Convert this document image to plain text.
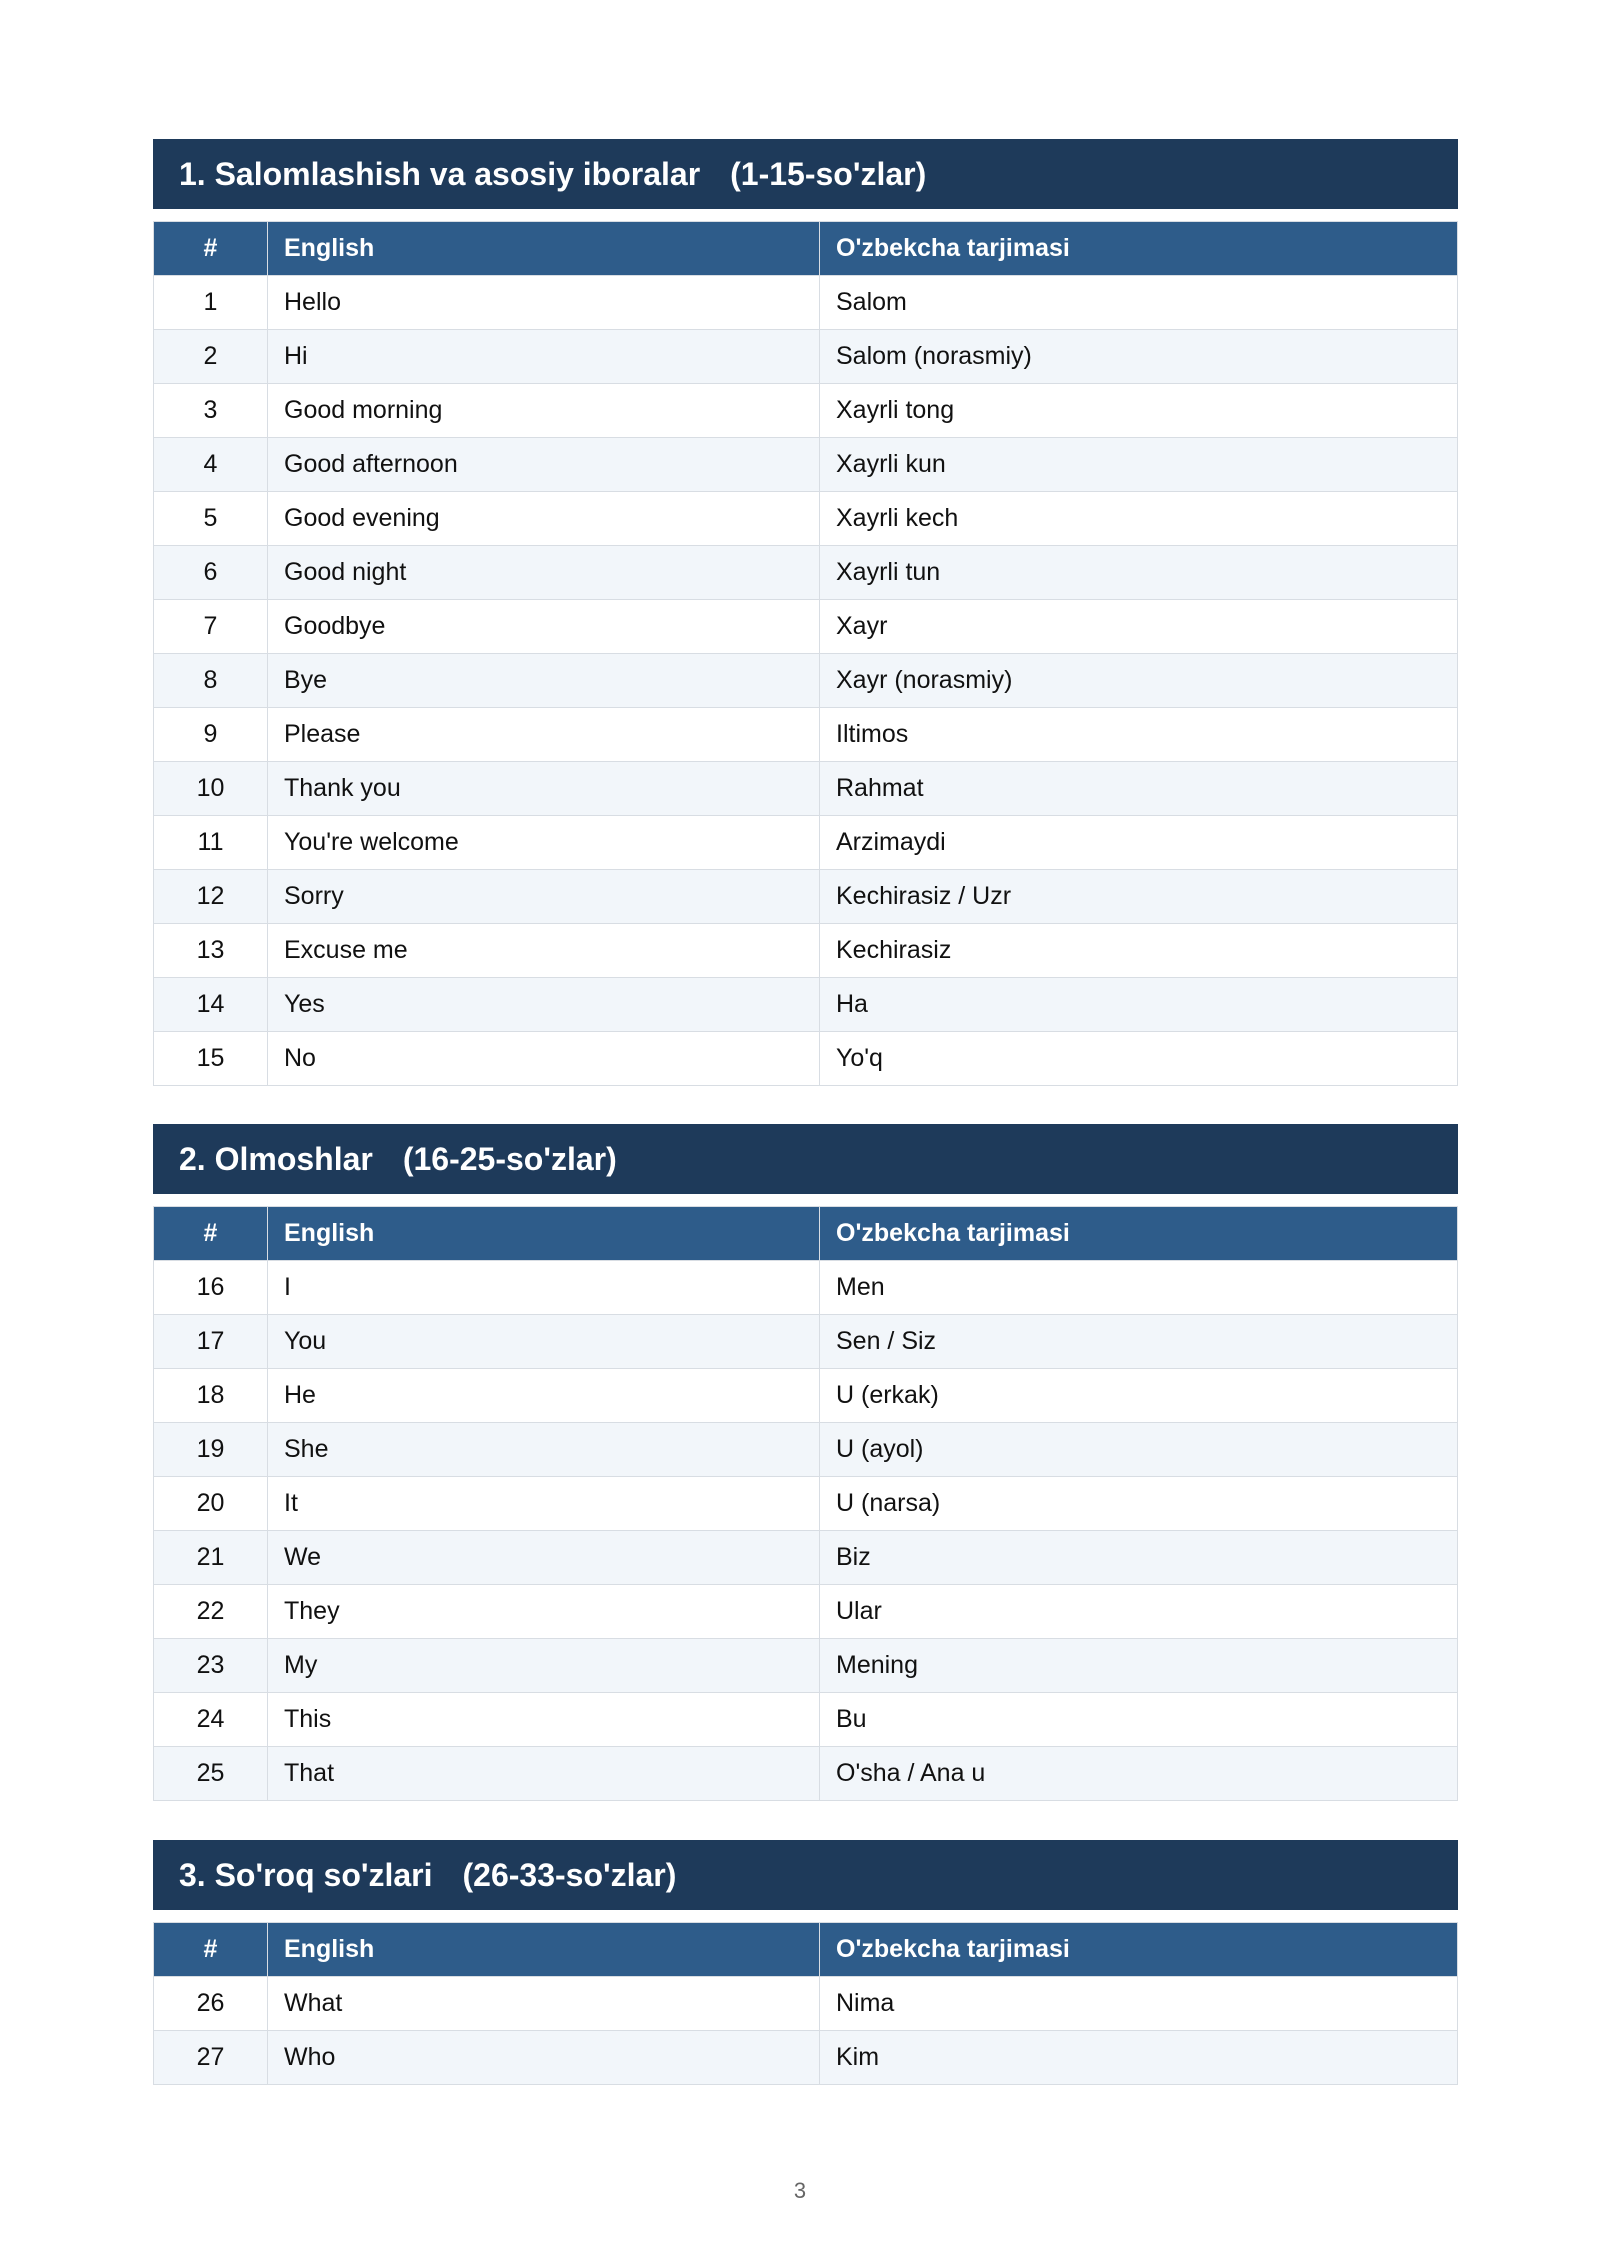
1. Salomlashish va asosiy iboralar (1-15-so'zlar)
#	English	O'zbekcha tarjimasi
1	Hello	Salom
2	Hi	Salom (norasmiy)
3	Good morning	Xayrli tong
4	Good afternoon	Xayrli kun
5	Good evening	Xayrli kech
6	Good night	Xayrli tun
7	Goodbye	Xayr
8	Bye	Xayr (norasmiy)
9	Please	Iltimos
10	Thank you	Rahmat
11	You're welcome	Arzimaydi
12	Sorry	Kechirasiz / Uzr
13	Excuse me	Kechirasiz
14	Yes	Ha
15	No	Yo'q
2. Olmoshlar (16-25-so'zlar)
#	English	O'zbekcha tarjimasi
16	I	Men
17	You	Sen / Siz
18	He	U (erkak)
19	She	U (ayol)
20	It	U (narsa)
21	We	Biz
22	They	Ular
23	My	Mening
24	This	Bu
25	That	O'sha / Ana u
3. So'roq so'zlari (26-33-so'zlar)
#	English	O'zbekcha tarjimasi
26	What	Nima
27	Who	Kim
3
